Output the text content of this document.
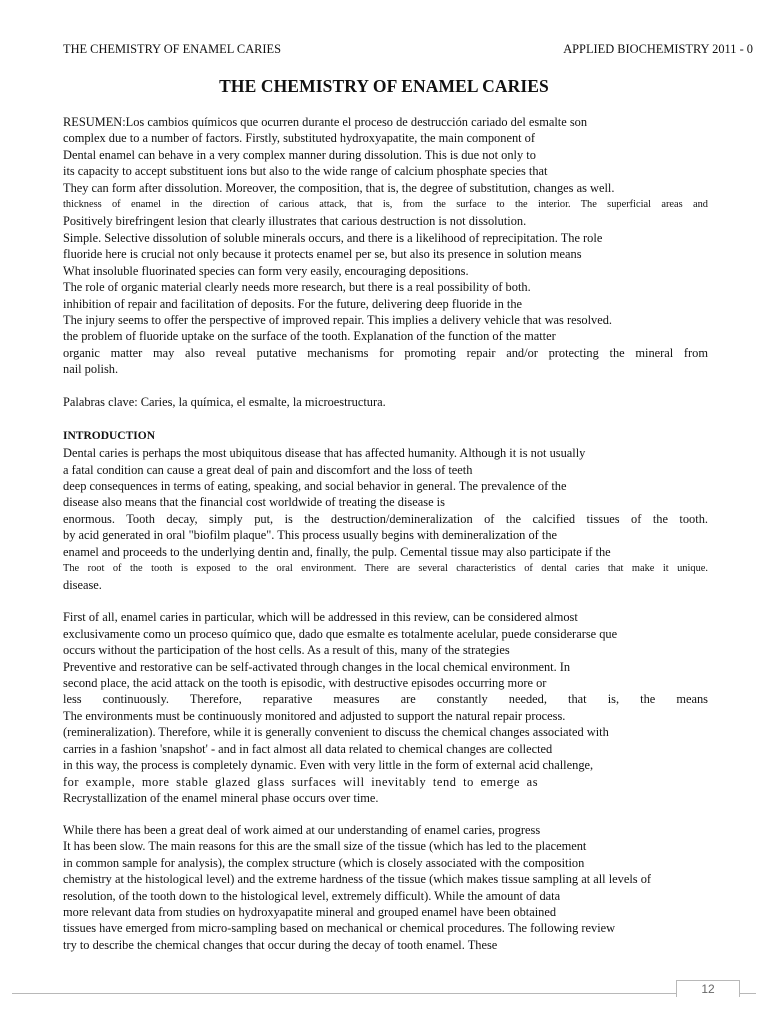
THE CHEMISTRY OF ENAMEL CARIES	APPLIED BIOCHEMISTRY 2011 - 0
THE CHEMISTRY OF ENAMEL CARIES
RESUMEN:Los cambios químicos que ocurren durante el proceso de destrucción cariado del esmalte son
complex due to a number of factors. Firstly, substituted hydroxyapatite, the main component of
Dental enamel can behave in a very complex manner during dissolution. This is due not only to
its capacity to accept substituent ions but also to the wide range of calcium phosphate species that
They can form after dissolution. Moreover, the composition, that is, the degree of substitution, changes as well.
thickness of enamel in the direction of carious attack, that is, from the surface to the interior. The superficial areas and
Positively birefringent lesion that clearly illustrates that carious destruction is not dissolution.
Simple. Selective dissolution of soluble minerals occurs, and there is a likelihood of reprecipitation. The role
fluoride here is crucial not only because it protects enamel per se, but also its presence in solution means
What insoluble fluorinated species can form very easily, encouraging depositions.
The role of organic material clearly needs more research, but there is a real possibility of both.
inhibition of repair and facilitation of deposits. For the future, delivering deep fluoride in the
The injury seems to offer the perspective of improved repair. This implies a delivery vehicle that was resolved.
the problem of fluoride uptake on the surface of the tooth. Explanation of the function of the matter
organic matter may also reveal putative mechanisms for promoting repair and/or protecting the mineral from
nail polish.
Palabras clave: Caries, la química, el esmalte, la microestructura.
INTRODUCTION
Dental caries is perhaps the most ubiquitous disease that has affected humanity. Although it is not usually
a fatal condition can cause a great deal of pain and discomfort and the loss of teeth
deep consequences in terms of eating, speaking, and social behavior in general. The prevalence of the
disease also means that the financial cost worldwide of treating the disease is
enormous. Tooth decay, simply put, is the destruction/demineralization of the calcified tissues of the tooth.
by acid generated in oral "biofilm plaque". This process usually begins with demineralization of the
enamel and proceeds to the underlying dentin and, finally, the pulp. Cemental tissue may also participate if the
The root of the tooth is exposed to the oral environment. There are several characteristics of dental caries that make it unique.
disease.
First of all, enamel caries in particular, which will be addressed in this review, can be considered almost
exclusivamente como un proceso químico que, dado que esmalte es totalmente acelular, puede considerarse que
occurs without the participation of the host cells. As a result of this, many of the strategies
Preventive and restorative can be self-activated through changes in the local chemical environment. In
second place, the acid attack on the tooth is episodic, with destructive episodes occurring more or
less continuously. Therefore, reparative measures are constantly needed, that is, the means
The environments must be continuously monitored and adjusted to support the natural repair process.
(remineralization). Therefore, while it is generally convenient to discuss the chemical changes associated with
carries in a fashion 'snapshot' - and in fact almost all data related to chemical changes are collected
in this way, the process is completely dynamic. Even with very little in the form of external acid challenge,
for example, more stable glazed glass surfaces will inevitably tend to emerge as
Recrystallization of the enamel mineral phase occurs over time.
While there has been a great deal of work aimed at our understanding of enamel caries, progress
It has been slow. The main reasons for this are the small size of the tissue (which has led to the placement
in common sample for analysis), the complex structure (which is closely associated with the composition
chemistry at the histological level) and the extreme hardness of the tissue (which makes tissue sampling at all levels of
resolution, of the tooth down to the histological level, extremely difficult). While the amount of data
more relevant data from studies on hydroxyapatite mineral and grouped enamel have been obtained
tissues have emerged from micro-sampling based on mechanical or chemical procedures. The following review
try to describe the chemical changes that occur during the decay of tooth enamel. These
12
